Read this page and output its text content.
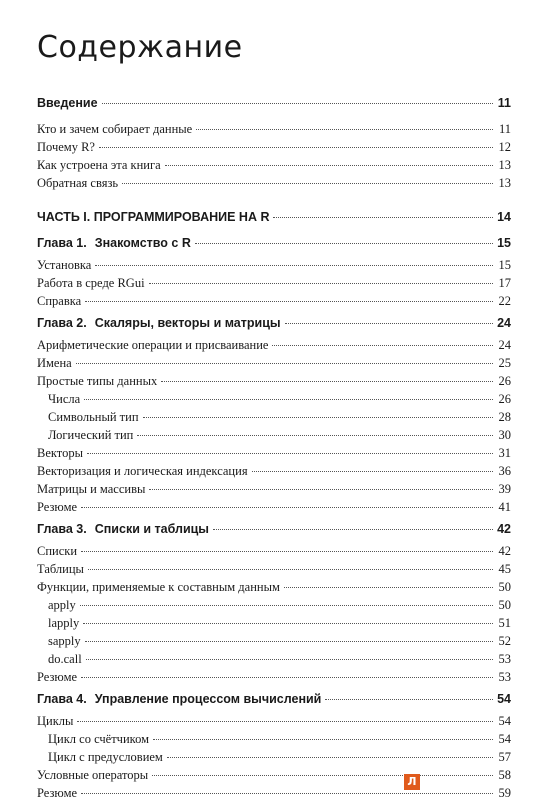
Содержание
Введение	11
Кто и зачем собирает данные	11
Почему R?	12
Как устроена эта книга	13
Обратная связь	13
ЧАСТЬ I. ПРОГРАММИРОВАНИЕ НА R	14
Глава 1. Знакомство с R	15
Установка	15
Работа в среде RGui	17
Справка	22
Глава 2. Скаляры, векторы и матрицы	24
Арифметические операции и присваивание	24
Имена	25
Простые типы данных	26
Числа	26
Символьный тип	28
Логический тип	30
Векторы	31
Векторизация и логическая индексация	36
Матрицы и массивы	39
Резюме	41
Глава 3. Списки и таблицы	42
Списки	42
Таблицы	45
Функции, применяемые к составным данным	50
apply	50
lapply	51
sapply	52
do.call	53
Резюме	53
Глава 4. Управление процессом вычислений	54
Циклы	54
Цикл со счётчиком	54
Цикл с предусловием	57
Условные операторы	58
Резюме	59
Л
